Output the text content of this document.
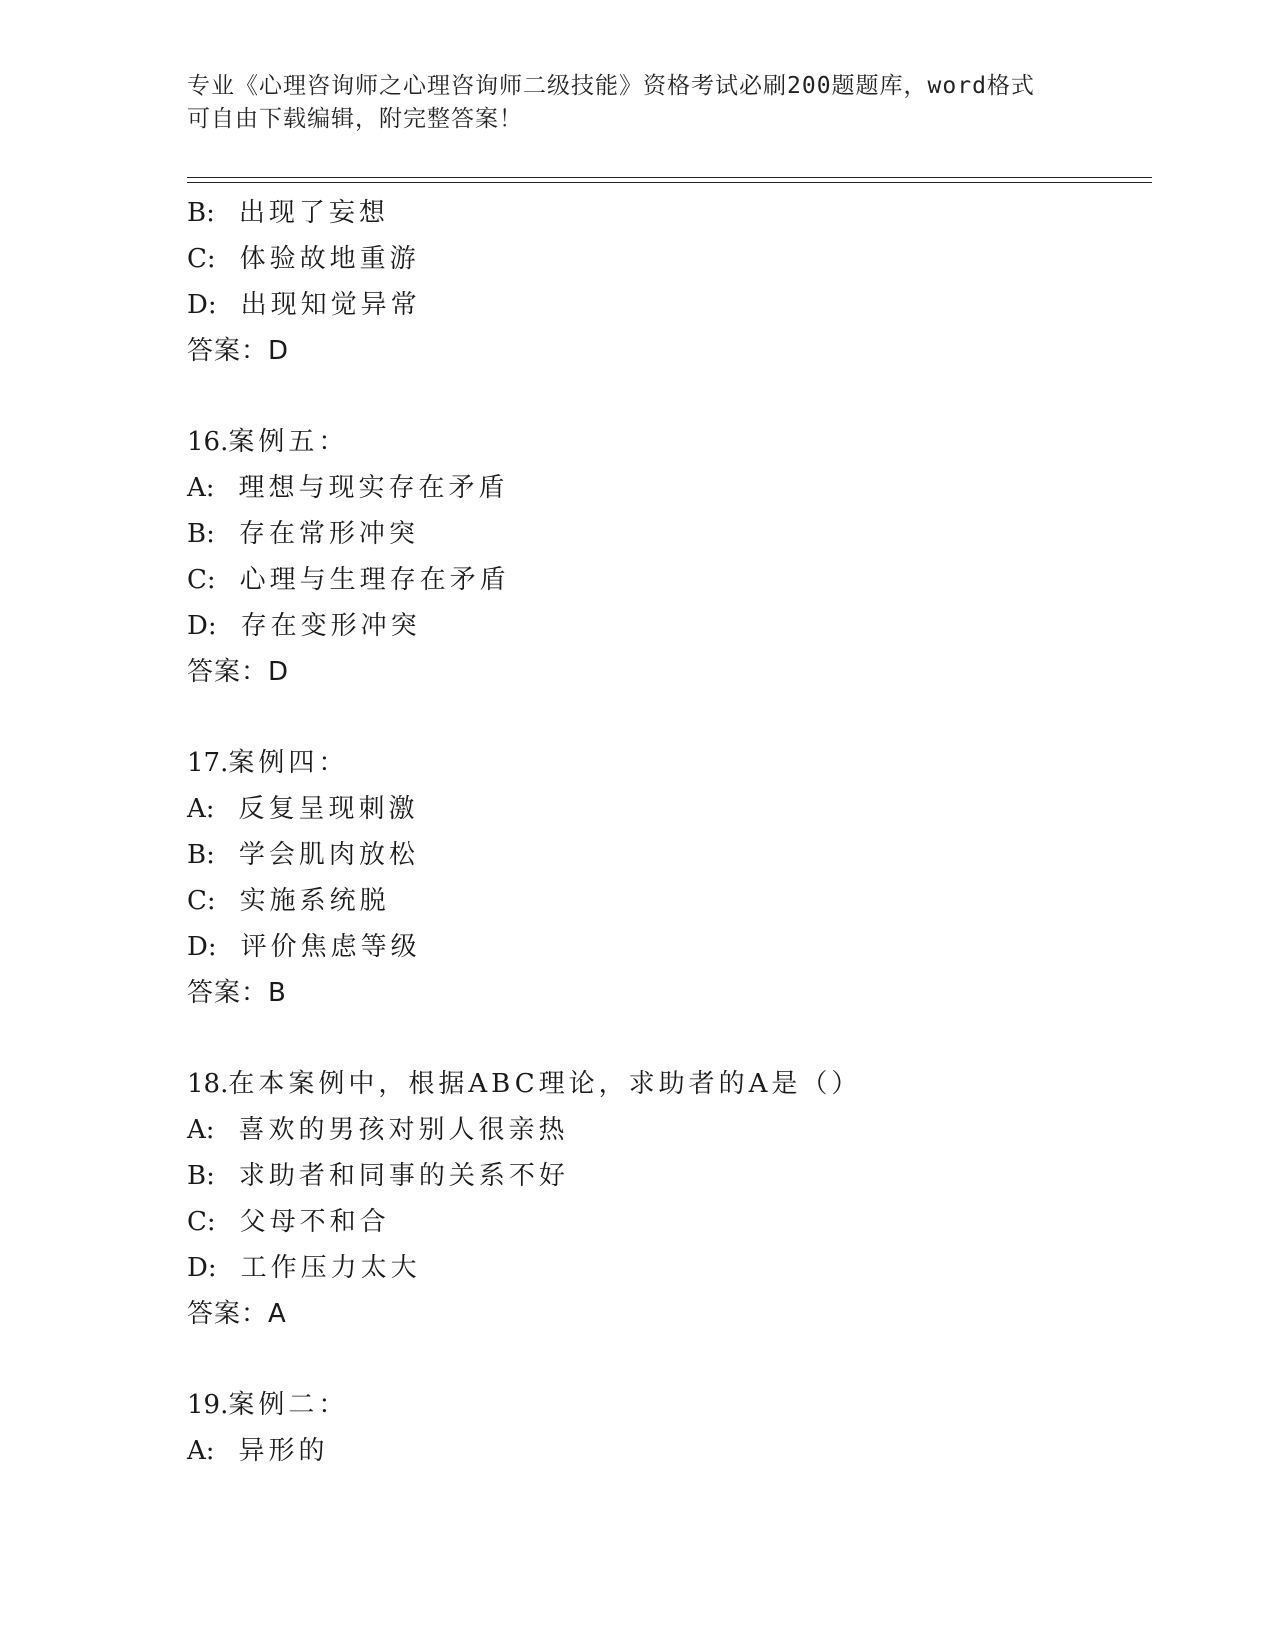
专业《心理咨询师之心理咨询师二级技能》资格考试必刷200题题库，word格式
可自由下载编辑，附完整答案！
B: 出现了妄想
C: 体验故地重游
D: 出现知觉异常
答案：D
16.案例五：
A: 理想与现实存在矛盾
B: 存在常形冲突
C: 心理与生理存在矛盾
D: 存在变形冲突
答案：D
17.案例四：
A: 反复呈现刺激
B: 学会肌肉放松
C: 实施系统脱
D: 评价焦虑等级
答案：B
18.在本案例中，根据ABC理论，求助者的A是（）
A: 喜欢的男孩对别人很亲热
B: 求助者和同事的关系不好
C: 父母不和合
D: 工作压力太大
答案：A
19.案例二：
A: 异形的
